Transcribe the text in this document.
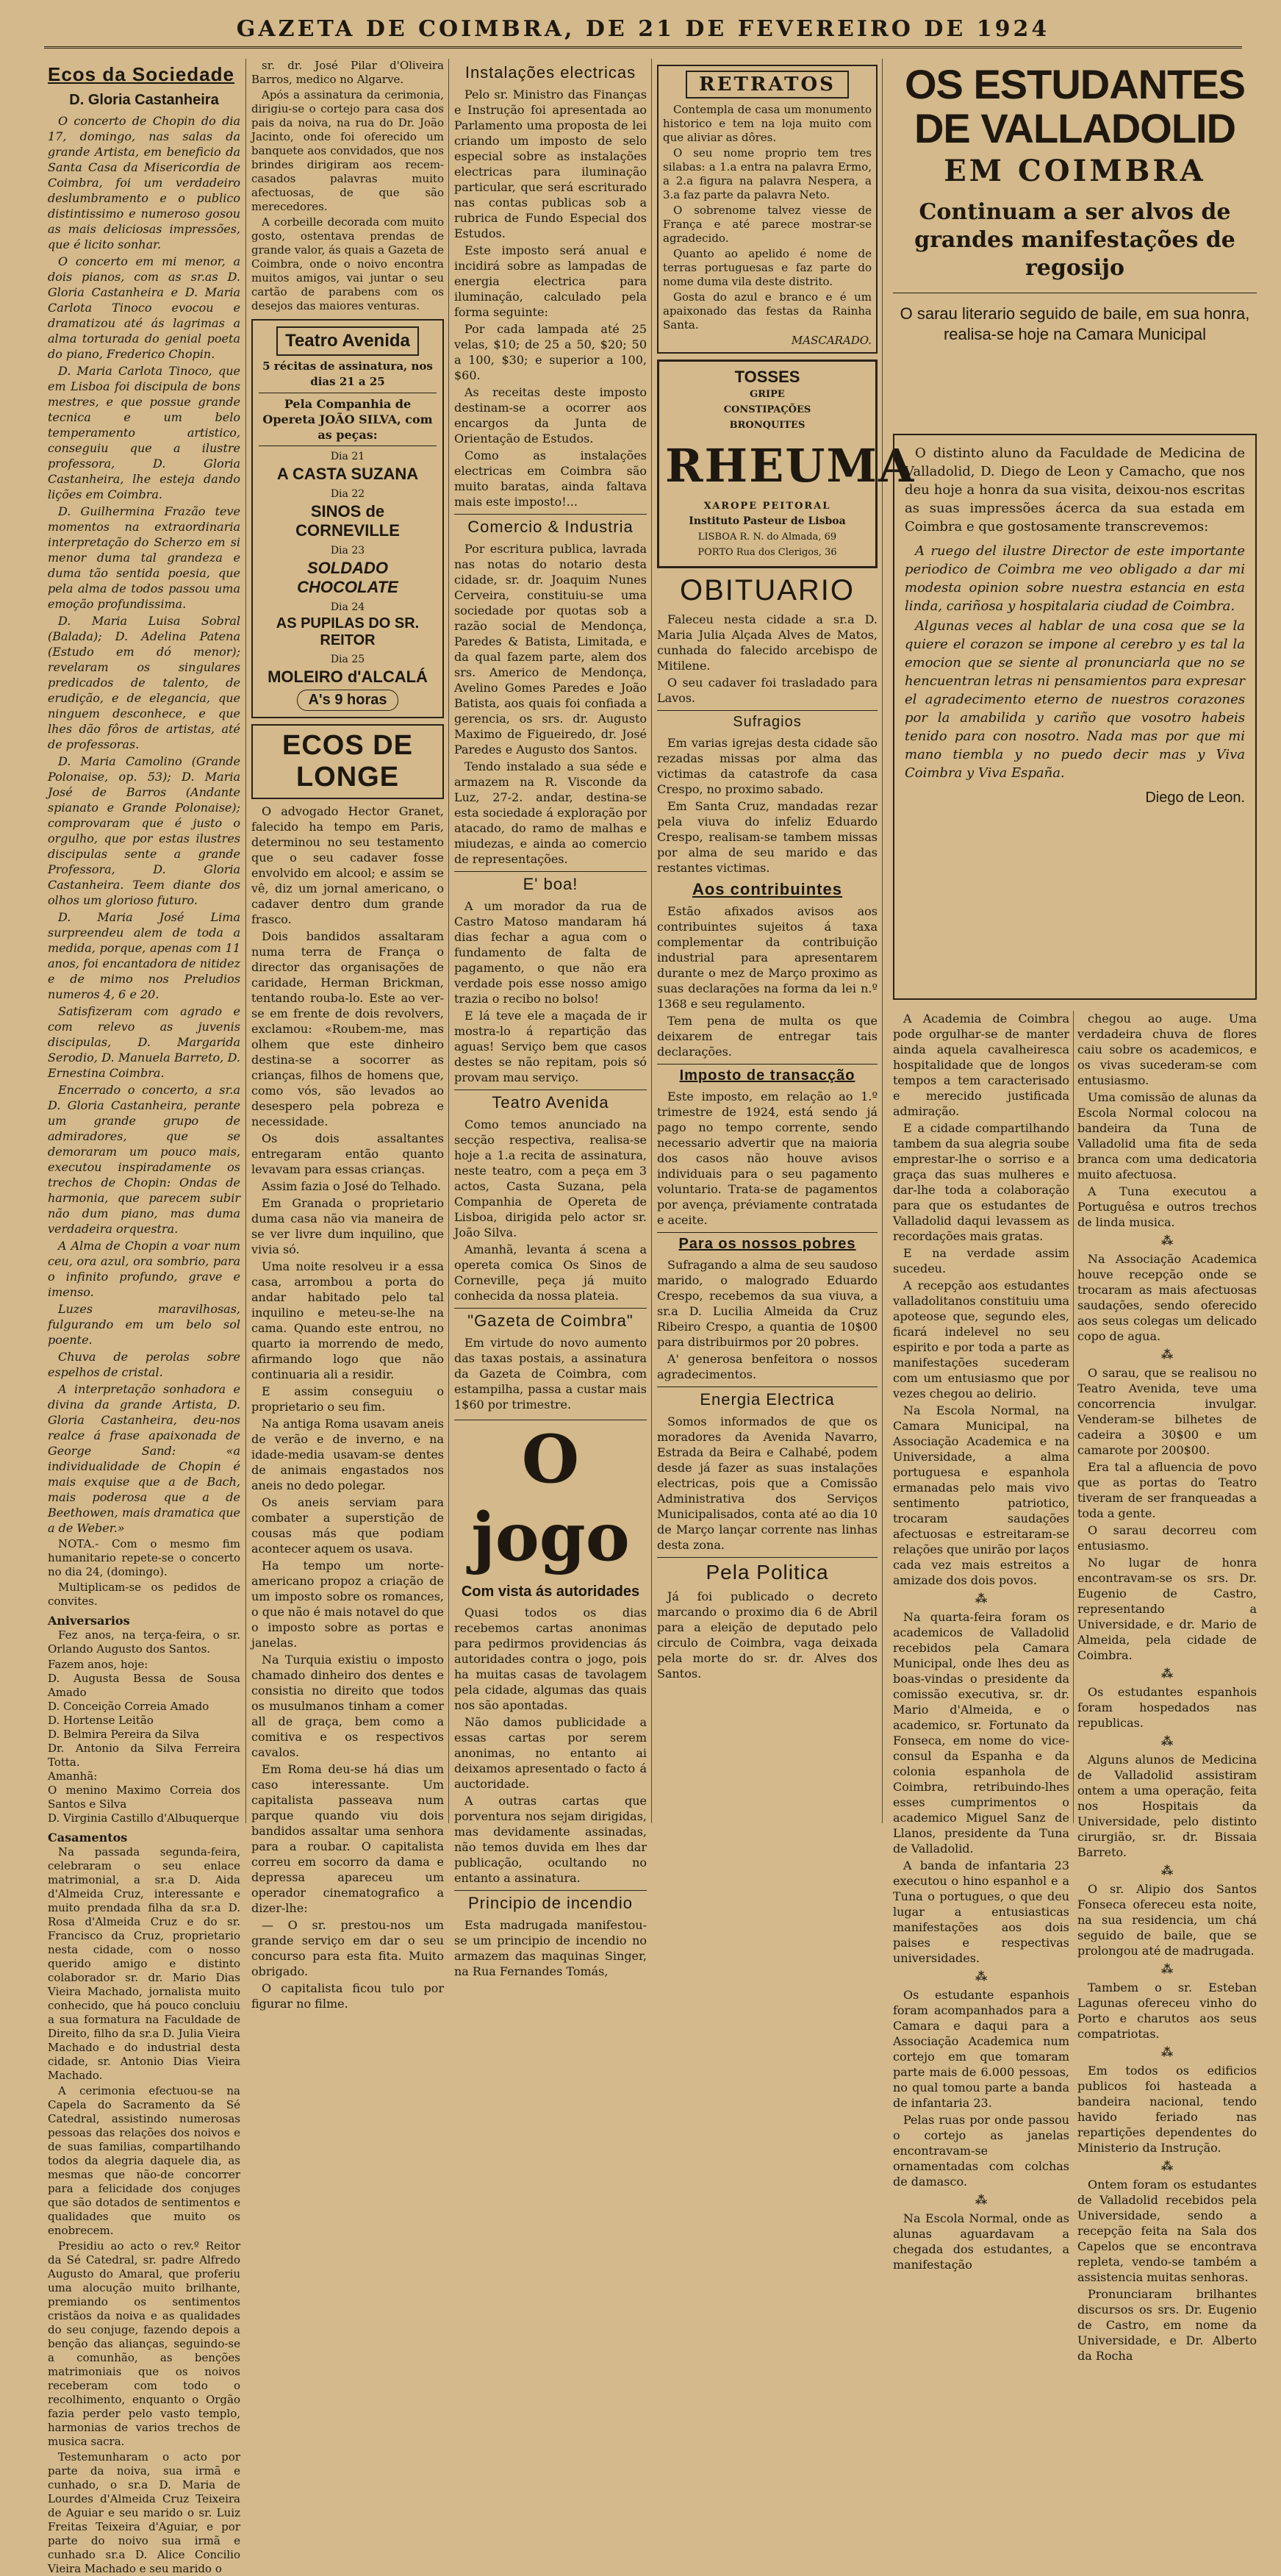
GAZETA DE COIMBRA, DE 21 DE FEVEREIRO DE 1924
Ecos da Sociedade
D. Gloria Castanheira

O concerto de Chopin do dia 17, domingo, nas salas da grande Artista, em beneficio da Santa Casa da Misericordia de Coimbra, foi um verdadeiro deslumbramento e o publico distintissimo e numeroso gosou as mais deliciosas impressões, que é licito sonhar.

O concerto em mi menor, a dois pianos, com as sr.as D. Gloria Castanheira e D. Maria Carlota Tinoco evocou e dramatizou até ás lagrimas a alma torturada do genial poeta do piano, Frederico Chopin.

D. Maria Carlota Tinoco, que em Lisboa foi discipula de bons mestres, e que possue grande tecnica e um belo temperamento artistico, conseguiu que a ilustre professora, D. Gloria Castanheira, lhe esteja dando lições em Coimbra.

D. Guilhermina Frazão teve momentos na extraordinaria interpretação do Scherzo em si menor duma tal grandeza e duma tão sentida poesia, que pela alma de todos passou uma emoção profundissima.

D. Maria Luisa Sobral (Balada); D. Adelina Patena (Estudo em dó menor); revelaram os singulares predicados de talento, de erudição, e de elegancia, que ninguem desconhece, e que lhes dão fôros de artistas, até de professoras.

D. Maria Camolino (Grande Polonaise, op. 53); D. Maria José de Barros (Andante spianato e Grande Polonaise); comprovaram que é justo o orgulho, que por estas ilustres discipulas sente a grande Professora, D. Gloria Castanheira. Teem diante dos olhos um glorioso futuro.

D. Maria José Lima surpreendeu alem de toda a medida, porque, apenas com 11 anos, foi encantadora de nitidez e de mimo nos Preludios numeros 4, 6 e 20.

Satisfizeram com agrado e com relevo as juvenis discipulas, D. Margarida Serodio, D. Manuela Barreto, D. Ernestina Coimbra.

Encerrado o concerto, a sr.a D. Gloria Castanheira, perante um grande grupo de admiradores, que se demoraram um pouco mais, executou inspiradamente os trechos de Chopin: Ondas de harmonia, que parecem subir não dum piano, mas duma verdadeira orquestra.

A Alma de Chopin a voar num ceu, ora azul, ora sombrio, para o infinito profundo, grave e imenso.

Luzes maravilhosas, fulgurando em um belo sol poente.

Chuva de perolas sobre espelhos de cristal.

A interpretação sonhadora e divina da grande Artista, D. Gloria Castanheira, deu-nos realce á frase apaixonada de George Sand: «a individualidade de Chopin é mais exquise que a de Bach, mais poderosa que a de Beethowen, mais dramatica que a de Weber.»

NOTA.- Com o mesmo fim humanitario repete-se o concerto no dia 24, (domingo).

Multiplicam-se os pedidos de convites.

Aniversarios

Fez anos, na terça-feira, o sr. Orlando Augusto dos Santos.

Fazem anos, hoje:
D. Augusta Bessa de Sousa Amado
D. Conceição Correia Amado
D. Hortense Leitão
D. Belmira Pereira da Silva
Dr. Antonio da Silva Ferreira Totta.
Amanhã:
O menino Maximo Correia dos Santos e Silva
D. Virginia Castillo d'Albuquerque
Casamentos

Na passada segunda-feira, celebraram o seu enlace matrimonial, a sr.a D. Aida d'Almeida Cruz, interessante e muito prendada filha da sr.a D. Rosa d'Almeida Cruz e do sr. Francisco da Cruz, proprietario nesta cidade, com o nosso querido amigo e distinto colaborador sr. dr. Mario Dias Vieira Machado, jornalista muito conhecido, que há pouco concluiu a sua formatura na Faculdade de Direito, filho da sr.a D. Julia Vieira Machado e do industrial desta cidade, sr. Antonio Dias Vieira Machado.

A cerimonia efectuou-se na Capela do Sacramento da Sé Catedral, assistindo numerosas pessoas das relações dos noivos e de suas familias, compartilhando todos da alegria daquele dia, as mesmas que não-de concorrer para a felicidade dos conjuges que são dotados de sentimentos e qualidades que muito os enobrecem.

Presidiu ao acto o rev.º Reitor da Sé Catedral, sr. padre Alfredo Augusto do Amaral, que proferiu uma alocução muito brilhante, premiando os sentimentos cristãos da noiva e as qualidades do seu conjuge, fazendo depois a benção das alianças, seguindo-se a comunhão, as benções matrimoniais que os noivos receberam com todo o recolhimento, enquanto o Orgão fazia perder pelo vasto templo, harmonias de varios trechos de musica sacra.

Testemunharam o acto por parte da noiva, sua irmã e cunhado, o sr.a D. Maria de Lourdes d'Almeida Cruz Teixeira de Aguiar e seu marido o sr. Luiz Freitas Teixeira d'Aguiar, e por parte do noivo sua irmã e cunhado sr.a D. Alice Concilio Vieira Machado e seu marido o

sr. dr. José Pilar d'Oliveira Barros, medico no Algarve.

Após a assinatura da cerimonia, dirigiu-se o cortejo para casa dos pais da noiva, na rua do Dr. João Jacinto, onde foi oferecido um banquete aos convidados, que nos brindes dirigiram aos recem-casados palavras muito afectuosas, de que são merecedores.

A corbeille decorada com muito gosto, ostentava prendas de grande valor, ás quais a Gazeta de Coimbra, onde o noivo encontra muitos amigos, vai juntar o seu cartão de parabens com os desejos das maiores venturas.

Teatro Avenida
5 récitas de assinatura, nos dias 21 a 25
Pela Companhia de Opereta JOÃO SILVA, com as peças:
Dia 21
A CASTA SUZANA
Dia 22
SINOS de CORNEVILLE
Dia 23
SOLDADO CHOCOLATE
Dia 24
AS PUPILAS DO SR. REITOR
Dia 25
MOLEIRO d'ALCALÁ
A's 9 horas
ECOS DE LONGE

O advogado Hector Granet, falecido ha tempo em Paris, determinou no seu testamento que o seu cadaver fosse envolvido em alcool; e assim se vê, diz um jornal americano, o cadaver dentro dum grande frasco.

Dois bandidos assaltaram numa terra de França o director das organisações de caridade, Herman Brickman, tentando rouba-lo. Este ao ver-se em frente de dois revolvers, exclamou: «Roubem-me, mas olhem que este dinheiro destina-se a socorrer as crianças, filhos de homens que, como vós, são levados ao desespero pela pobreza e necessidade.

Os dois assaltantes entregaram então quanto levavam para essas crianças.

Assim fazia o José do Telhado.

Em Granada o proprietario duma casa não via maneira de se ver livre dum inquilino, que vivia só.

Uma noite resolveu ir a essa casa, arrombou a porta do andar habitado pelo tal inquilino e meteu-se-lhe na cama. Quando este entrou, no quarto ia morrendo de medo, afirmando logo que não continuaria ali a residir.

E assim conseguiu o proprietario o seu fim.

Na antiga Roma usavam aneis de verão e de inverno, e na idade-media usavam-se dentes de animais engastados nos aneis no dedo polegar.

Os aneis serviam para combater a superstição de cousas más que podiam acontecer aquem os usava.

Ha tempo um norte-americano propoz a criação de um imposto sobre os romances, o que não é mais notavel do que o imposto sobre as portas e janelas.

Na Turquia existiu o imposto chamado dinheiro dos dentes e consistia no direito que todos os musulmanos tinham a comer all de graça, bem como a comitiva e os respectivos cavalos.

Em Roma deu-se há dias um caso interessante. Um capitalista passeava num parque quando viu dois bandidos assaltar uma senhora para a roubar. O capitalista correu em socorro da dama e depressa apareceu um operador cinematografico a dizer-lhe:

— O sr. prestou-nos um grande serviço em dar o seu concurso para esta fita. Muito obrigado.

O capitalista ficou tulo por figurar no filme.

Instalações electricas

Pelo sr. Ministro das Finanças e Instrução foi apresentada ao Parlamento uma proposta de lei criando um imposto de selo especial sobre as instalações electricas para iluminação particular, que será escriturado nas contas publicas sob a rubrica de Fundo Especial dos Estudos.

Este imposto será anual e incidirá sobre as lampadas de energia electrica para iluminação, calculado pela forma seguinte:

Por cada lampada até 25 velas, $10; de 25 a 50, $20; 50 a 100, $30; e superior a 100, $60.

As receitas deste imposto destinam-se a ocorrer aos encargos da Junta de Orientação de Estudos.

Como as instalações electricas em Coimbra são muito baratas, ainda faltava mais este imposto!...

Comercio & Industria

Por escritura publica, lavrada nas notas do notario desta cidade, sr. dr. Joaquim Nunes Cerveira, constituiu-se uma sociedade por quotas sob a razão social de Mendonça, Paredes & Batista, Limitada, e da qual fazem parte, alem dos srs. Americo de Mendonça, Avelino Gomes Paredes e João Batista, aos quais foi confiada a gerencia, os srs. dr. Augusto Maximo de Figueiredo, dr. José Paredes e Augusto dos Santos.

Tendo instalado a sua séde e armazem na R. Visconde da Luz, 27-2. andar, destina-se esta sociedade á exploração por atacado, do ramo de malhas e miudezas, e ainda ao comercio de representações.

E' boa!

A um morador da rua de Castro Matoso mandaram há dias fechar a agua com o fundamento de falta de pagamento, o que não era verdade pois esse nosso amigo trazia o recibo no bolso!

E lá teve ele a maçada de ir mostra-lo á repartição das aguas! Serviço bem que casos destes se não repitam, pois só provam mau serviço.

Teatro Avenida

Como temos anunciado na secção respectiva, realisa-se hoje a 1.a recita de assinatura, neste teatro, com a peça em 3 actos, Casta Suzana, pela Companhia de Opereta de Lisboa, dirigida pelo actor sr. João Silva.

Amanhã, levanta á scena a opereta comica Os Sinos de Corneville, peça já muito conhecida da nossa plateia.

"Gazeta de Coimbra"

Em virtude do novo aumento das taxas postais, a assinatura da Gazeta de Coimbra, com estampilha, passa a custar mais 1$60 por trimestre.

O jogo
Com vista ás autoridades

Quasi todos os dias recebemos cartas anonimas para pedirmos providencias ás autoridades contra o jogo, pois ha muitas casas de tavolagem pela cidade, algumas das quais nos são apontadas.

Não damos publicidade a essas cartas por serem anonimas, no entanto ai deixamos apresentado o facto á auctoridade.

A outras cartas que porventura nos sejam dirigidas, mas devidamente assinadas, não temos duvida em lhes dar publicação, ocultando no entanto a assinatura.

Principio de incendio

Esta madrugada manifestou-se um principio de incendio no armazem das maquinas Singer, na Rua Fernandes Tomás,

RETRATOS

Contempla de casa um monumento historico e tem na loja muito com que aliviar as dôres.

O seu nome proprio tem tres silabas: a 1.a entra na palavra Ermo, a 2.a figura na palavra Nespera, a 3.a faz parte da palavra Neto.

O sobrenome talvez viesse de França e até parece mostrar-se agradecido.

Quanto ao apelido é nome de terras portuguesas e faz parte do nome duma vila deste distrito.

Gosta do azul e branco e é um apaixonado das festas da Rainha Santa.

MASCARADO.
TOSSES
GRIPE
CONSTIPAÇÕES
BRONQUITES
RHEUMA
XAROPE PEITORAL
Instituto Pasteur de Lisboa
LISBOA R. N. do Almada, 69
PORTO Rua dos Clerigos, 36
OBITUARIO

Faleceu nesta cidade a sr.a D. Maria Julia Alçada Alves de Matos, cunhada do falecido arcebispo de Mitilene.

O seu cadaver foi trasladado para Lavos.

Sufragios

Em varias igrejas desta cidade são rezadas missas por alma das victimas da catastrofe da casa Crespo, no proximo sabado.

Em Santa Cruz, mandadas rezar pela viuva do infeliz Eduardo Crespo, realisam-se tambem missas por alma de seu marido e das restantes victimas.

Aos contribuintes

Estão afixados avisos aos contribuintes sujeitos á taxa complementar da contribuição industrial para apresentarem durante o mez de Março proximo as suas declarações na forma da lei n.º 1368 e seu regulamento.

Tem pena de multa os que deixarem de entregar tais declarações.

Imposto de transacção

Este imposto, em relação ao 1.º trimestre de 1924, está sendo já pago no tempo corrente, sendo necessario advertir que na maioria dos casos não houve avisos individuais para o seu pagamento voluntario. Trata-se de pagamentos por avença, préviamente contratada e aceite.

Para os nossos pobres

Sufragando a alma de seu saudoso marido, o malogrado Eduardo Crespo, recebemos da sua viuva, a sr.a D. Lucilia Almeida da Cruz Ribeiro Crespo, a quantia de 10$00 para distribuirmos por 20 pobres.

A' generosa benfeitora o nossos agradecimentos.

Energia Electrica

Somos informados de que os moradores da Avenida Navarro, Estrada da Beira e Calhabé, podem desde já fazer as suas instalações electricas, pois que a Comissão Administrativa dos Serviços Municipalisados, conta até ao dia 10 de Março lançar corrente nas linhas desta zona.

Pela Politica

Já foi publicado o decreto marcando o proximo dia 6 de Abril para a eleição de deputado pelo circulo de Coimbra, vaga deixada pela morte do sr. dr. Alves dos Santos.

OS ESTUDANTES DE VALLADOLID
EM COIMBRA
Continuam a ser alvos de grandes manifestações de regosijo
O sarau literario seguido de baile, em sua honra, realisa-se hoje na Camara Municipal

O distinto aluno da Faculdade de Medicina de Valladolid, D. Diego de Leon y Camacho, que nos deu hoje a honra da sua visita, deixou-nos escritas as suas impressões ácerca da sua estada em Coimbra e que gostosamente transcrevemos:

A ruego del ilustre Director de este importante periodico de Coimbra me veo obligado a dar mi modesta opinion sobre nuestra estancia en esta linda, cariñosa y hospitalaria ciudad de Coimbra.

Algunas veces al hablar de una cosa que se la quiere el corazon se impone al cerebro y es tal la emocion que se siente al pronunciarla que no se hencuentran letras ni pensamientos para expresar el agradecimento eterno de nuestros corazones por la amabilida y cariño que vosotro habeis tenido para con nosotro. Nada mas por que mi mano tiembla y no puedo decir mas y Viva Coimbra y Viva España.

Diego de Leon.

A Academia de Coimbra pode orgulhar-se de manter ainda aquela cavalheiresca hospitalidade que de longos tempos a tem caracterisado e merecido justificada admiração.

E a cidade compartilhando tambem da sua alegria soube emprestar-lhe o sorriso e a graça das suas mulheres e dar-lhe toda a colaboração para que os estudantes de Valladolid daqui levassem as recordações mais gratas.

E na verdade assim sucedeu.

A recepção aos estudantes valladolitanos constituiu uma apoteose que, segundo eles, ficará indelevel no seu espirito e por toda a parte as manifestações sucederam com um entusiasmo que por vezes chegou ao delirio.

Na Escola Normal, na Camara Municipal, na Associação Academica e na Universidade, a alma portuguesa e espanhola ermanadas pelo mais vivo sentimento patriotico, trocaram saudações afectuosas e estreitaram-se relações que unirão por laços cada vez mais estreitos a amizade dos dois povos.

⁂

Na quarta-feira foram os academicos de Valladolid recebidos pela Camara Municipal, onde lhes deu as boas-vindas o presidente da comissão executiva, sr. dr. Mario d'Almeida, e o academico, sr. Fortunato da Fonseca, em nome do vice-consul da Espanha e da colonia espanhola de Coimbra, retribuindo-lhes esses cumprimentos o academico Miguel Sanz de Llanos, presidente da Tuna de Valladolid.

A banda de infantaria 23 executou o hino espanhol e a Tuna o portugues, o que deu lugar a entusiasticas manifestações aos dois paises e respectivas universidades.

⁂

Os estudante espanhois foram acompanhados para a Camara e daqui para a Associação Academica num cortejo em que tomaram parte mais de 6.000 pessoas, no qual tomou parte a banda de infantaria 23.

Pelas ruas por onde passou o cortejo as janelas encontravam-se ornamentadas com colchas de damasco.

⁂

Na Escola Normal, onde as alunas aguardavam a chegada dos estudantes, a manifestação

chegou ao auge. Uma verdadeira chuva de flores caiu sobre os academicos, e os vivas sucederam-se com entusiasmo.

Uma comissão de alunas da Escola Normal colocou na bandeira da Tuna de Valladolid uma fita de seda branca com uma dedicatoria muito afectuosa.

A Tuna executou a Portuguêsa e outros trechos de linda musica.

⁂

Na Associação Academica houve recepção onde se trocaram as mais afectuosas saudações, sendo oferecido aos seus colegas um delicado copo de agua.

⁂

O sarau, que se realisou no Teatro Avenida, teve uma concorrencia invulgar. Venderam-se bilhetes de cadeira a 30$00 e um camarote por 200$00.

Era tal a afluencia de povo que as portas do Teatro tiveram de ser franqueadas a toda a gente.

O sarau decorreu com entusiasmo.

No lugar de honra encontravam-se os srs. Dr. Eugenio de Castro, representando a Universidade, e dr. Mario de Almeida, pela cidade de Coimbra.

⁂

Os estudantes espanhois foram hospedados nas republicas.

⁂

Alguns alunos de Medicina de Valladolid assistiram ontem a uma operação, feita nos Hospitais da Universidade, pelo distinto cirurgião, sr. dr. Bissaia Barreto.

⁂

O sr. Alipio dos Santos Fonseca ofereceu esta noite, na sua residencia, um chá seguido de baile, que se prolongou até de madrugada.

⁂

Tambem o sr. Esteban Lagunas ofereceu vinho do Porto e charutos aos seus compatriotas.

⁂

Em todos os edificios publicos foi hasteada a bandeira nacional, tendo havido feriado nas repartições dependentes do Ministerio da Instrução.

⁂

Ontem foram os estudantes de Valladolid recebidos pela Universidade, sendo a recepção feita na Sala dos Capelos que se encontrava repleta, vendo-se também a assistencia muitas senhoras.

Pronunciaram brilhantes discursos os srs. Dr. Eugenio de Castro, em nome da Universidade, e Dr. Alberto da Rocha
